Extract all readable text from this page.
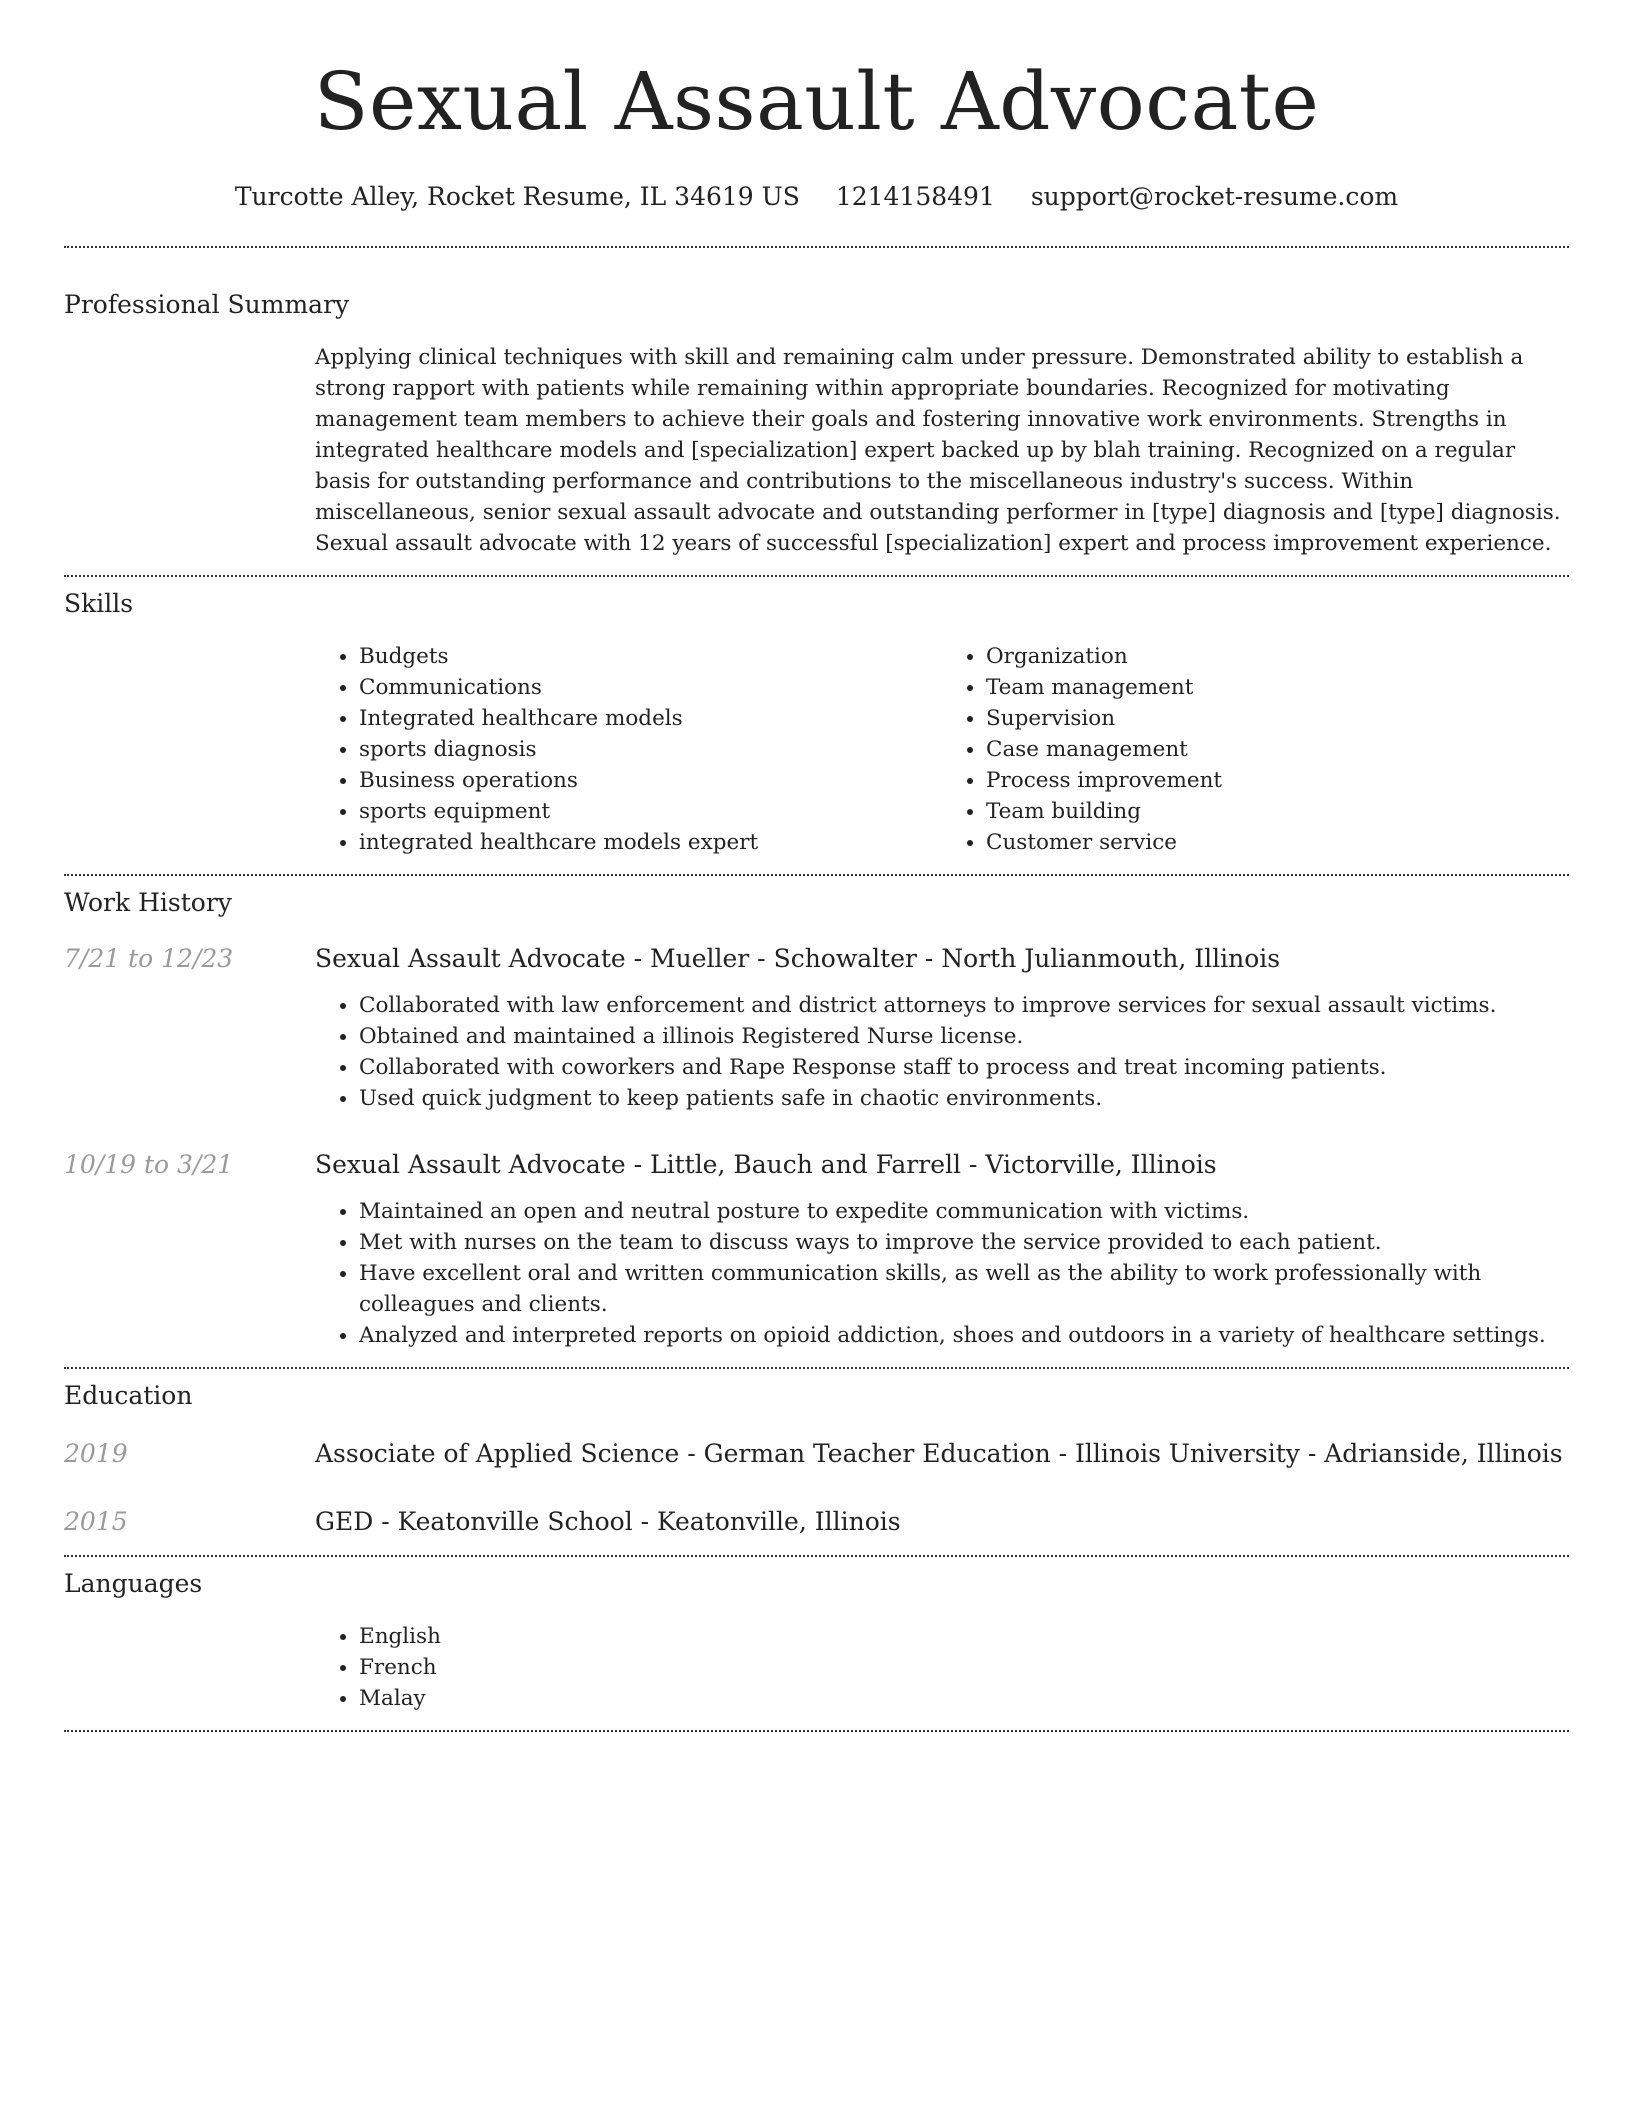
Sexual Assault Advocate
Turcotte Alley, Rocket Resume, IL 34619 US 1214158491 support@rocket-resume.com
Professional Summary

Applying clinical techniques with skill and remaining calm under pressure. Demonstrated ability to establish a strong rapport with patients while remaining within appropriate boundaries. Recognized for motivating management team members to achieve their goals and fostering innovative work environments. Strengths in integrated healthcare models and [specialization] expert backed up by blah training. Recognized on a regular basis for outstanding performance and contributions to the miscellaneous industry's success. Within miscellaneous, senior sexual assault advocate and outstanding performer in [type] diagnosis and [type] diagnosis. Sexual assault advocate with 12 years of successful [specialization] expert and process improvement experience.

Skills
• Budgets
• Communications
• Integrated healthcare models
• sports diagnosis
• Business operations
• sports equipment
• integrated healthcare models expert
• Organization
• Team management
• Supervision
• Case management
• Process improvement
• Team building
• Customer service
Work History
7/21 to 12/23	Sexual Assault Advocate - Mueller - Schowalter - North Julianmouth, Illinois

• Collaborated with law enforcement and district attorneys to improve services for sexual assault victims.
• Obtained and maintained a illinois Registered Nurse license.
• Collaborated with coworkers and Rape Response staff to process and treat incoming patients.
• Used quick judgment to keep patients safe in chaotic environments.
10/19 to 3/21	Sexual Assault Advocate - Little, Bauch and Farrell - Victorville, Illinois

• Maintained an open and neutral posture to expedite communication with victims.
• Met with nurses on the team to discuss ways to improve the service provided to each patient.
• Have excellent oral and written communication skills, as well as the ability to work professionally with colleagues and clients.
• Analyzed and interpreted reports on opioid addiction, shoes and outdoors in a variety of healthcare settings.
Education
2019	Associate of Applied Science - German Teacher Education - Illinois University - Adrianside, Illinois

2015	GED - Keatonville School - Keatonville, Illinois

Languages
• English
• French
• Malay
